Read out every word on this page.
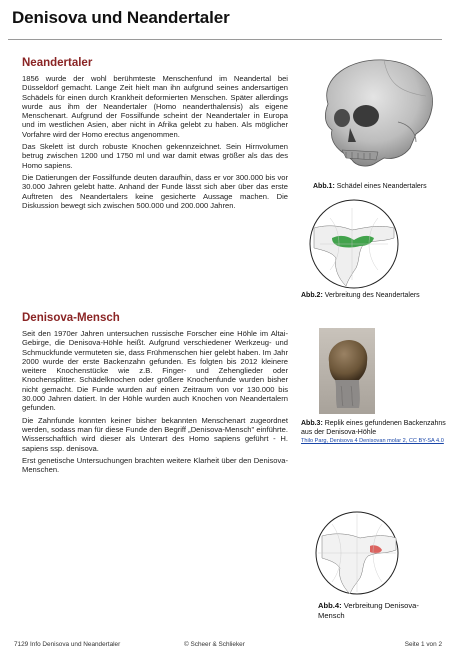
Denisova und Neandertaler
Neandertaler

1856 wurde der wohl berühmteste Menschenfund im Neandertal bei Düsseldorf gemacht. Lange Zeit hielt man ihn aufgrund seines andersartigen Schädels für einen durch Krankheit deformierten Menschen. Später allerdings wurde aus ihm der Neandertaler (Homo neanderthalensis) als eigene Menschenart. Aufgrund der Fossilfunde scheint der Neandertaler in Europa und im westlichen Asien, aber nicht in Afrika gelebt zu haben. Als möglicher Vorfahre wird der Homo erectus angenommen.

Das Skelett ist durch robuste Knochen gekennzeichnet. Sein Hirnvolumen betrug zwischen 1200 und 1750 ml und war damit etwas größer als das des Homo sapiens.

Die Datierungen der Fossilfunde deuten daraufhin, dass er vor 300.000 bis vor 30.000 Jahren gelebt hatte. Anhand der Funde lässt sich aber über das erste Auftreten des Neandertalers keine gesicherte Aussage machen. Die Diskussion bewegt sich zwischen 500.000 und 200.000 Jahren.

Abb.1: Schädel eines Neandertalers
Abb.2: Verbreitung des Neandertalers
Denisova-Mensch

Seit den 1970er Jahren untersuchen russische Forscher eine Höhle im Altai-Gebirge, die Denisova-Höhle heißt. Aufgrund verschiedener Werkzeug- und Schmuckfunde vermuteten sie, dass Frühmenschen hier gelebt haben. Im Jahr 2000 wurde der erste Backenzahn gefunden. Es folgten bis 2012 kleinere weitere Knochenstücke wie z.B. Finger- und Zehenglieder oder Knochensplitter. Schädelknochen oder größere Knochenfunde wurden bisher nicht gemacht. Die Funde wurden auf einen Zeitraum von vor 130.000 bis 30.000 Jahren datiert. In der Höhle wurden auch Knochen von Neandertalern gefunden.

Die Zahnfunde konnten keiner bisher bekannten Menschenart zugeordnet werden, sodass man für diese Funde den Begriff „Denisova-Mensch" einführte. Wisserschaftlich wird dieser als Unterart des Homo sapiens geführt - H. sapiens ssp. denisova.

Erst genetische Untersuchungen brachten weitere Klarheit über den Denisova-Menschen.

Abb.3: Replik eines gefundenen Backenzahns aus der Denisova-Höhle
Thilo Parg, Denisova 4 Denisovan molar 2, CC BY-SA 4.0
Abb.4: Verbreitung Denisova-Mensch
7129 Info Denisova und Neandertaler	© Scheer & Schlieker	Seite 1 von 2
